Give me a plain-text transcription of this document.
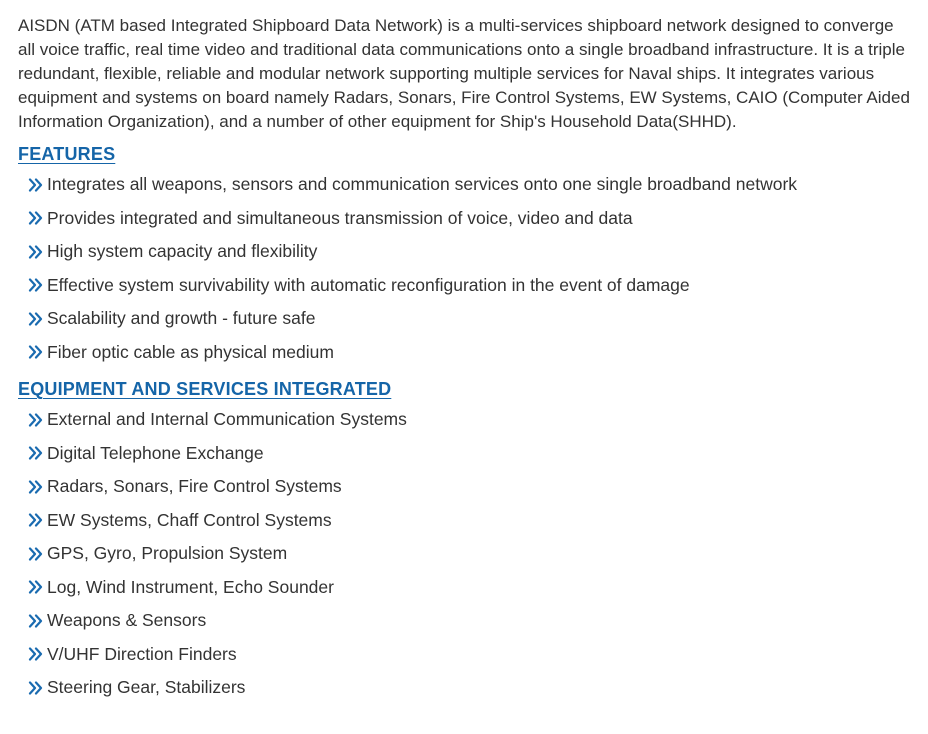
AISDN (ATM based Integrated Shipboard Data Network) is a multi-services shipboard network designed to converge all voice traffic, real time video and traditional data communications onto a single broadband infrastructure. It is a triple redundant, flexible, reliable and modular network supporting multiple services for Naval ships. It integrates various equipment and systems on board namely Radars, Sonars, Fire Control Systems, EW Systems, CAIO (Computer Aided Information Organization), and a number of other equipment for Ship's Household Data(SHHD).

FEATURES
Integrates all weapons, sensors and communication services onto one single broadband network
Provides integrated and simultaneous transmission of voice, video and data
High system capacity and flexibility
Effective system survivability with automatic reconfiguration in the event of damage
Scalability and growth - future safe
Fiber optic cable as physical medium
EQUIPMENT AND SERVICES INTEGRATED
External and Internal Communication Systems
Digital Telephone Exchange
Radars, Sonars, Fire Control Systems
EW Systems, Chaff Control Systems
GPS, Gyro, Propulsion System
Log, Wind Instrument, Echo Sounder
Weapons & Sensors
V/UHF Direction Finders
Steering Gear, Stabilizers
